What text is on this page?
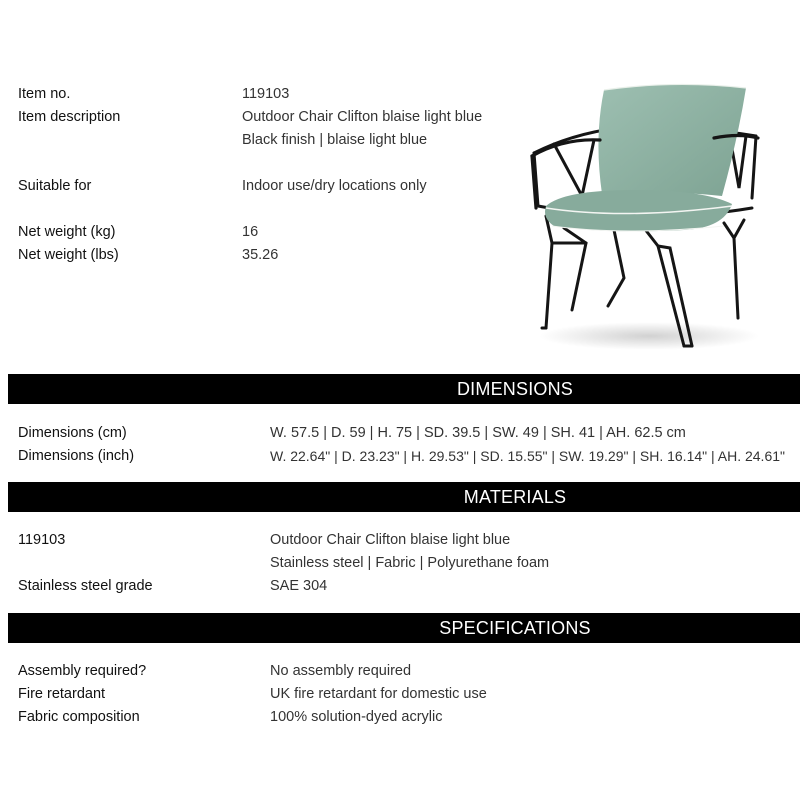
Item no.	119103
Item description	Outdoor Chair Clifton blaise light blue
Black finish | blaise light blue
Suitable for	Indoor use/dry locations only
Net weight (kg)	16
Net weight (lbs)	35.26
DIMENSIONS
Dimensions (cm)	W. 57.5 | D. 59 | H. 75 | SD. 39.5 | SW. 49 | SH. 41 | AH. 62.5 cm
Dimensions (inch)	W. 22.64" | D. 23.23" | H. 29.53" | SD. 15.55" | SW. 19.29" | SH. 16.14" | AH. 24.61"
MATERIALS
119103	Outdoor Chair Clifton blaise light blue
Stainless steel | Fabric | Polyurethane foam
Stainless steel grade	SAE 304
SPECIFICATIONS
Assembly required?	No assembly required
Fire retardant	UK fire retardant for domestic use
Fabric composition	100% solution-dyed acrylic
